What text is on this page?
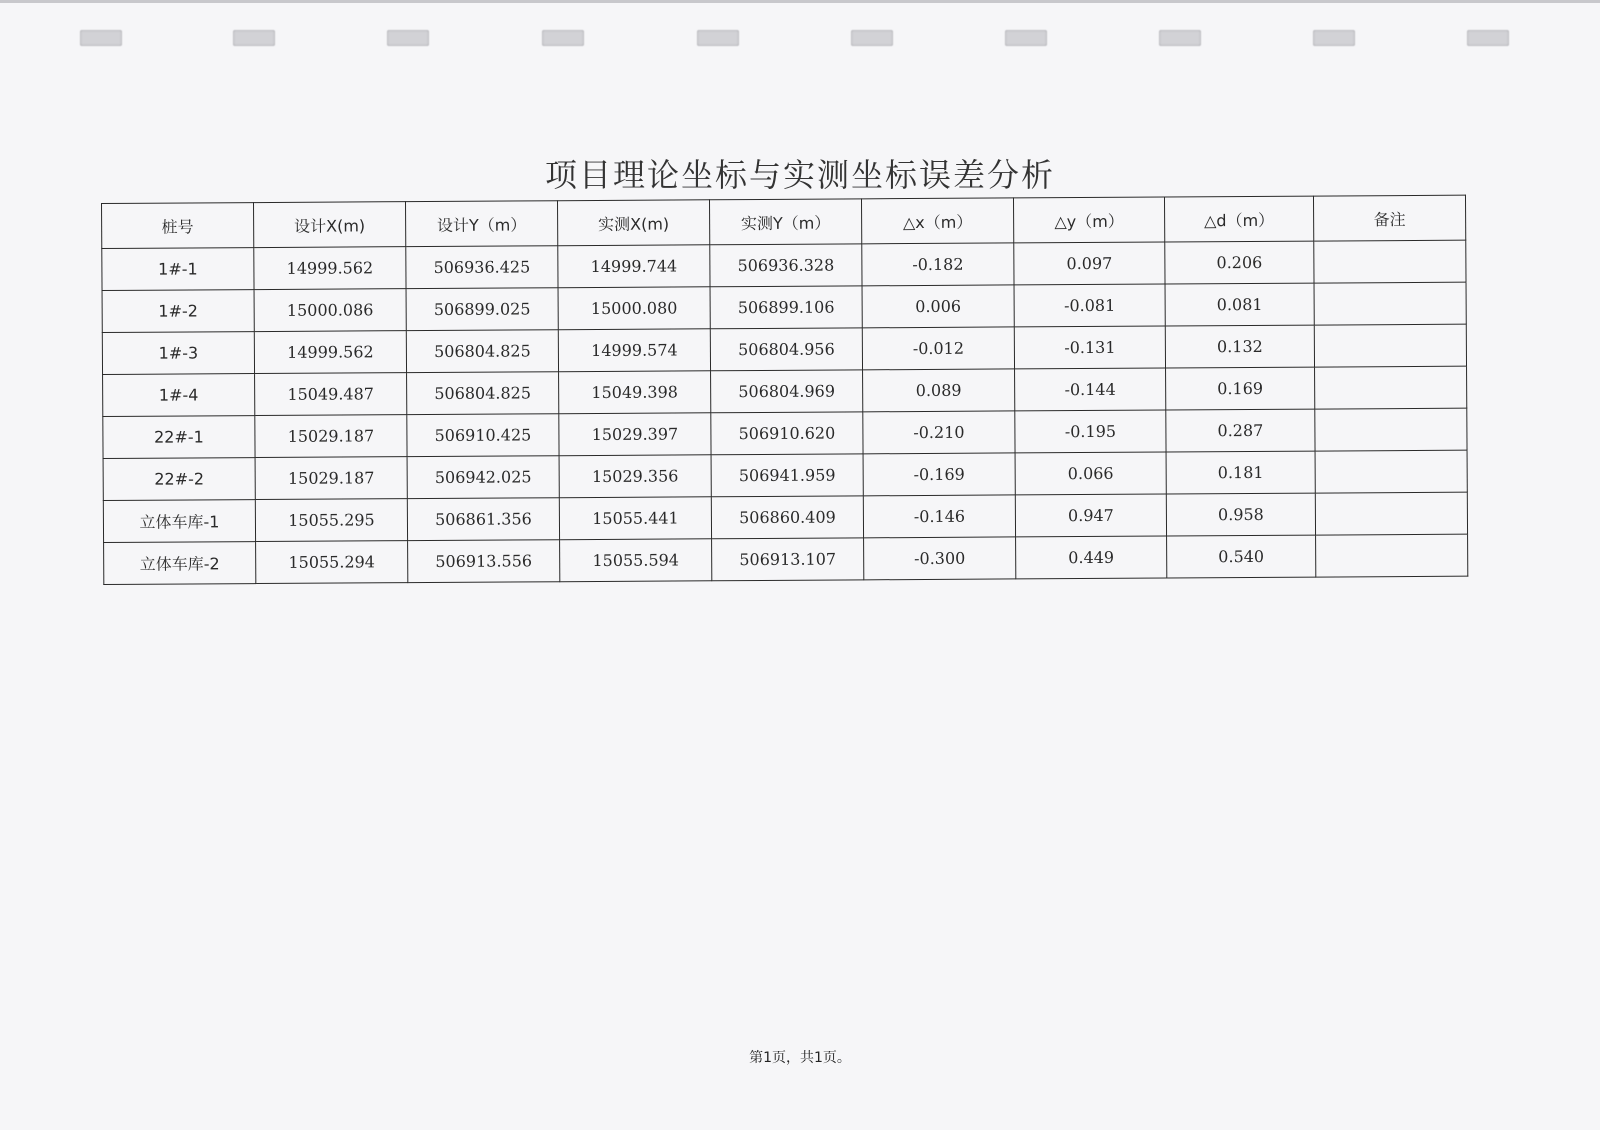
项目理论坐标与实测坐标误差分析
桩号	设计X(m)	设计Y（m）	实测X(m)	实测Y（m）	△x（m）	△y（m）	△d（m）	备注
1#-1	14999.562	506936.425	14999.744	506936.328	-0.182	0.097	0.206	
1#-2	15000.086	506899.025	15000.080	506899.106	0.006	-0.081	0.081	
1#-3	14999.562	506804.825	14999.574	506804.956	-0.012	-0.131	0.132	
1#-4	15049.487	506804.825	15049.398	506804.969	0.089	-0.144	0.169	
22#-1	15029.187	506910.425	15029.397	506910.620	-0.210	-0.195	0.287	
22#-2	15029.187	506942.025	15029.356	506941.959	-0.169	0.066	0.181	
立体车库-1	15055.295	506861.356	15055.441	506860.409	-0.146	0.947	0.958	
立体车库-2	15055.294	506913.556	15055.594	506913.107	-0.300	0.449	0.540	
第1页，共1页。
